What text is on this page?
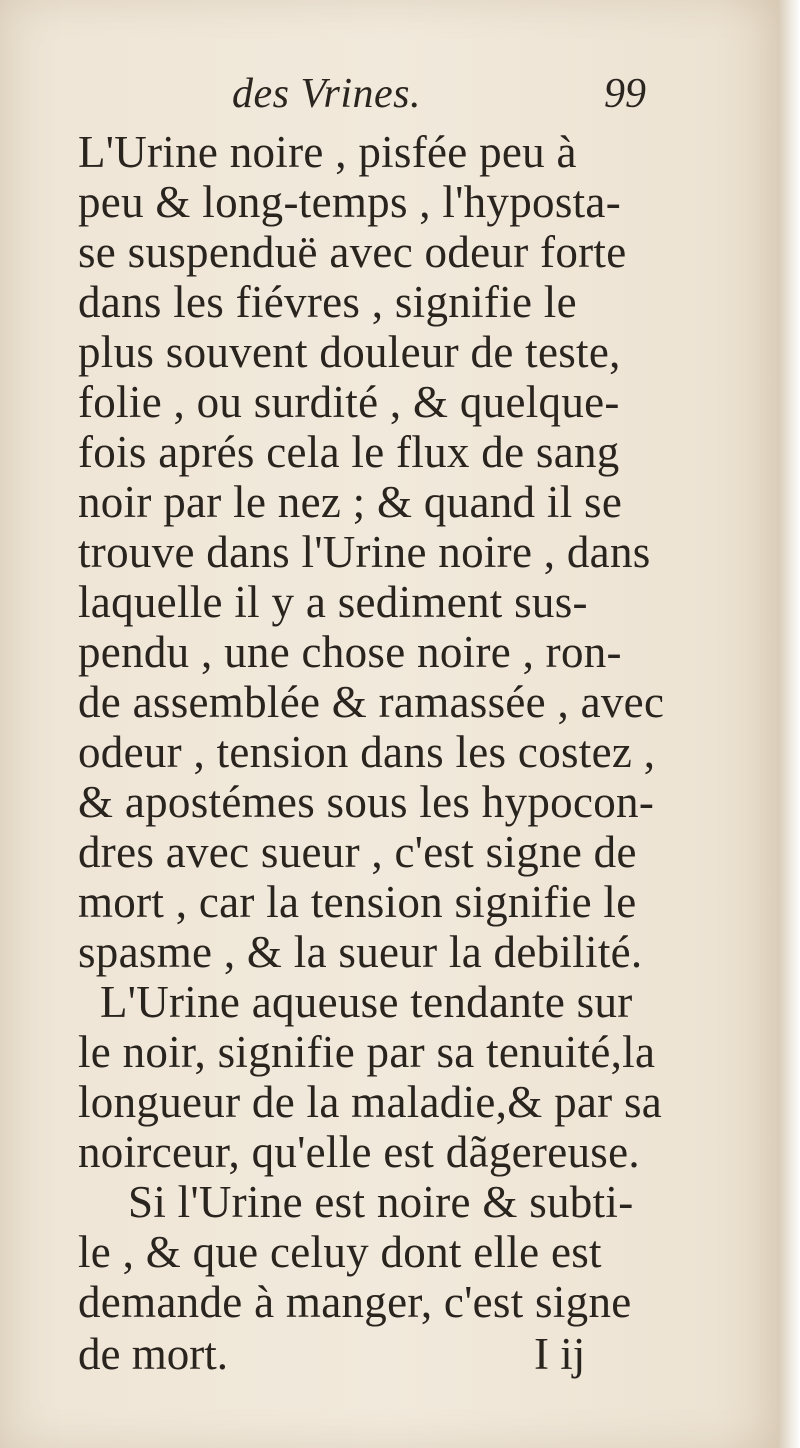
des Vrines.	99
L'Urine noire , pisfée peu à
peu & long-temps , l'hyposta-
se suspenduë avec odeur forte
dans les fiévres , signifie le
plus souvent douleur de teste,
folie , ou surdité , & quelque-
fois aprés cela le flux de sang
noir par le nez ; & quand il se
trouve dans l'Urine noire , dans
laquelle il y a sediment sus-
pendu , une chose noire , ron-
de assemblée & ramassée , avec
odeur , tension dans les costez ,
& apostémes sous les hypocon-
dres avec sueur , c'est signe de
mort , car la tension signifie le
spasme , & la sueur la debilité.
L'Urine aqueuse tendante sur
le noir, signifie par sa tenuité,la
longueur de la maladie,& par sa
noirceur, qu'elle est dãgereuse.
Si l'Urine est noire & subti-
le , & que celuy dont elle est
demande à manger, c'est signe
de mort.	I ij
